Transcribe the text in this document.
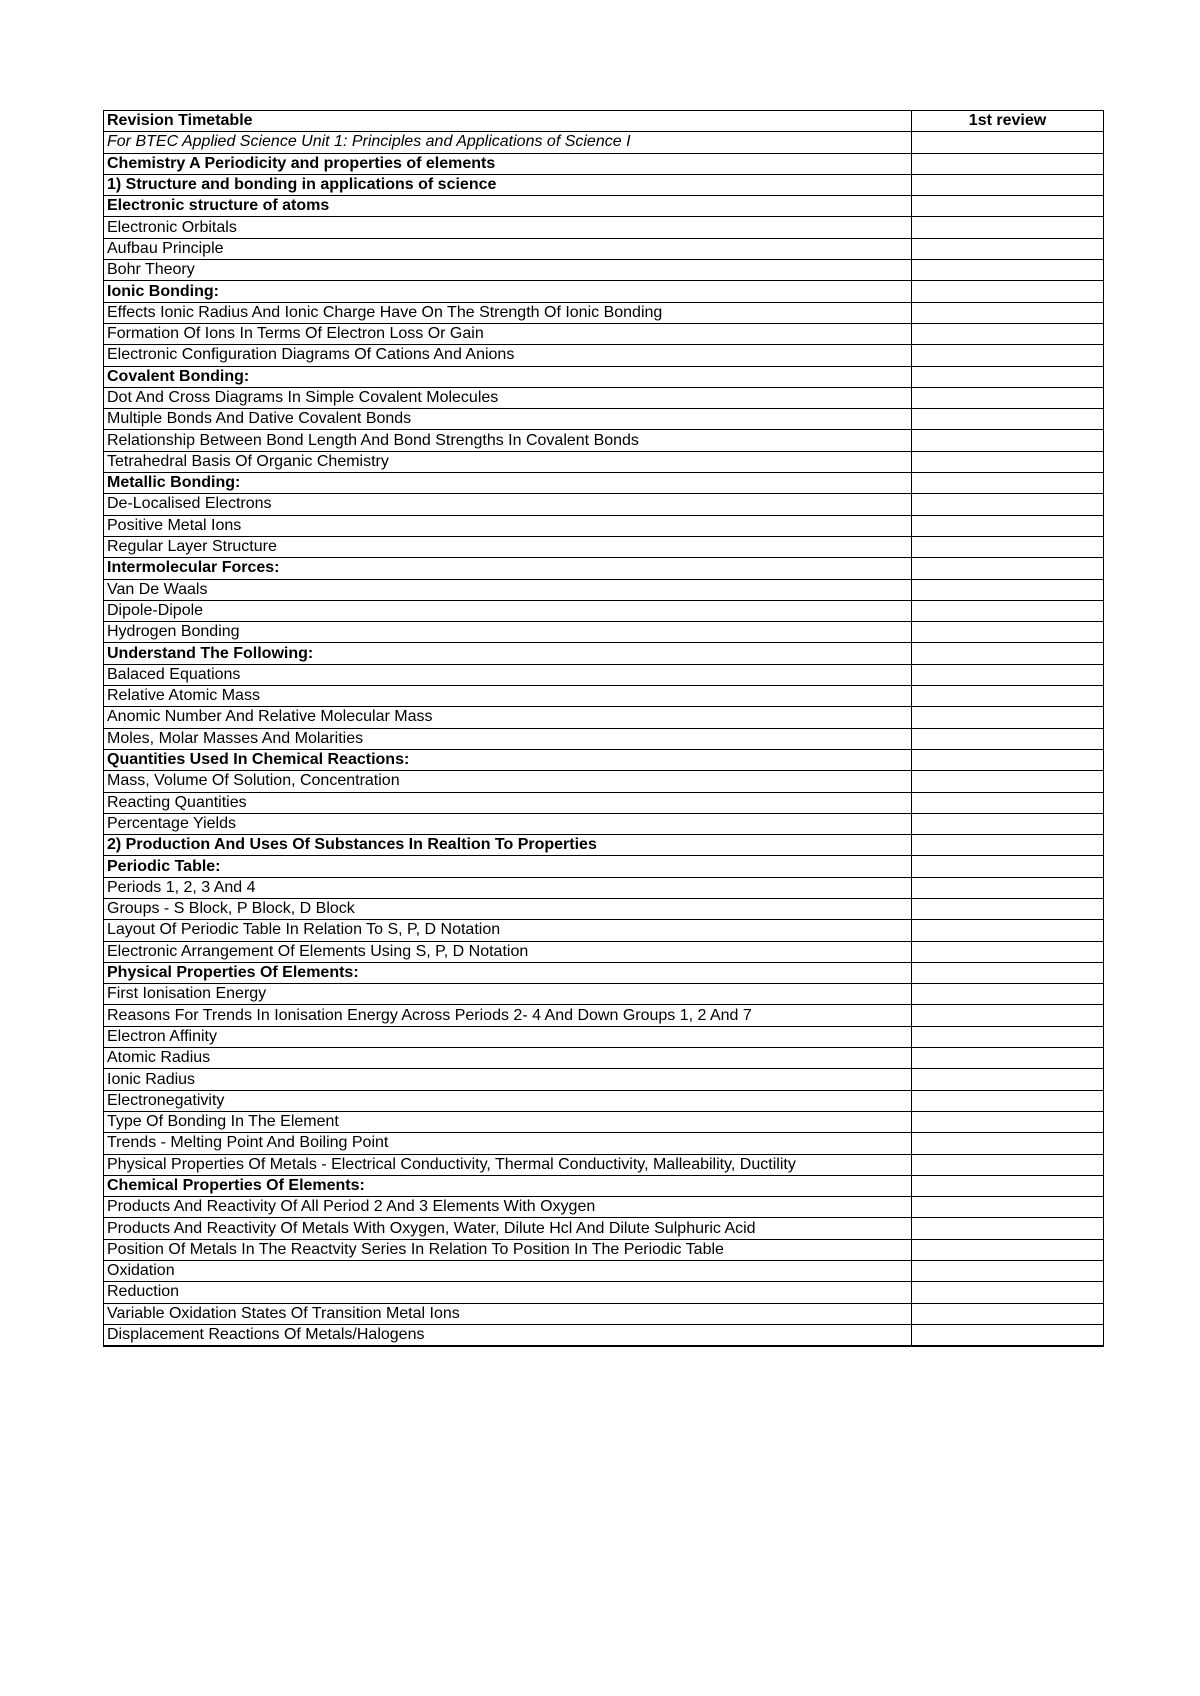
Revision Timetable	1st review
For BTEC Applied Science Unit 1: Principles and Applications of Science I	
Chemistry A Periodicity and properties of elements	
1) Structure and bonding in applications of science	
Electronic structure of atoms	
Electronic Orbitals	
Aufbau Principle	
Bohr Theory	
Ionic Bonding:	
Effects Ionic Radius And Ionic Charge Have On The Strength Of Ionic Bonding	
Formation Of Ions In Terms Of Electron Loss Or Gain	
Electronic Configuration Diagrams Of Cations And Anions	
Covalent Bonding:	
Dot And Cross Diagrams In Simple Covalent Molecules	
Multiple Bonds And Dative Covalent Bonds	
Relationship Between Bond Length And Bond Strengths In Covalent Bonds	
Tetrahedral Basis Of Organic Chemistry	
Metallic Bonding:	
De-Localised Electrons	
Positive Metal Ions	
Regular Layer Structure	
Intermolecular Forces:	
Van De Waals	
Dipole-Dipole	
Hydrogen Bonding	
Understand The Following:	
Balaced Equations	
Relative Atomic Mass	
Anomic Number And Relative Molecular Mass	
Moles, Molar Masses And Molarities	
Quantities Used In Chemical Reactions:	
Mass, Volume Of Solution, Concentration	
Reacting Quantities	
Percentage Yields	
2) Production And Uses Of Substances In Realtion To Properties	
Periodic Table:	
Periods 1, 2, 3 And 4	
Groups - S Block, P Block, D Block	
Layout Of Periodic Table In Relation To S, P, D Notation	
Electronic Arrangement Of Elements Using S, P, D Notation	
Physical Properties Of Elements:	
First Ionisation Energy	
Reasons For Trends In Ionisation Energy Across Periods 2- 4 And Down Groups 1, 2 And 7	
Electron Affinity	
Atomic Radius	
Ionic Radius	
Electronegativity	
Type Of Bonding In The Element	
Trends - Melting Point And Boiling Point	
Physical Properties Of Metals - Electrical Conductivity, Thermal Conductivity, Malleability, Ductility	
Chemical Properties Of Elements:	
Products And Reactivity Of All Period 2 And 3 Elements With Oxygen	
Products And Reactivity Of Metals With Oxygen, Water, Dilute Hcl And Dilute Sulphuric Acid	
Position Of Metals In The Reactvity Series In Relation To Position In The Periodic Table	
Oxidation	
Reduction	
Variable Oxidation States Of Transition Metal Ions	
Displacement Reactions Of Metals/Halogens	
